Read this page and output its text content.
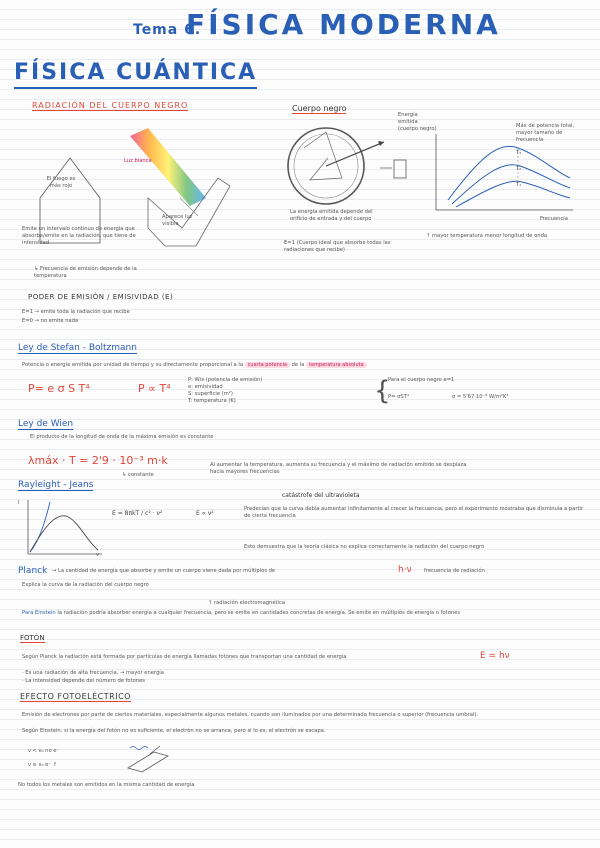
Tema 6.
FÍSICA MODERNA
FÍSICA CUÁNTICA
RADIACIÓN DEL CUERPO NEGRO
El fuego es más rojo
Luz blanca
Aparece luz visible
Emite un intervalo continuo de energía que absorbe/emite en la radiación, que tiene de intensidad
↳ Frecuencia de emisión depende de la temperatura
Cuerpo negro
La energía emitida depende del orificio de entrada y del cuerpo
E=1 (Cuerpo ideal que absorbe todas las radiaciones que recibe)
Energía emitida (cuerpo negro)	Máx de potencia total, mayor tamaño de frecuencia
T₃
T₂
T₁
Frecuencia
↑ mayor temperatura menor longitud de onda
PODER DE EMISIÓN / EMISIVIDAD (E)
E=1 → emite toda la radiación que recibe
E=0 → no emite nada
Ley de Stefan - Boltzmann
Potencia o energía emitida por unidad de tiempo y su directamente proporcional a la cuarta potencia de la temperatura absoluta
P= e σ S T⁴	P ∝ T⁴
P: W/s (potencia de emisión)
e: emisividad
S: superficie (m²)
T: temperatura (K)	{
Para el cuerpo negro e=1
P= σST⁴	σ = 5'67·10⁻⁸ W/m²K⁴
Ley de Wien
El producto de la longitud de onda de la máxima emisión es constante
λmáx · T = 2'9 · 10⁻³ m·k
↳ constante
Al aumentar la temperatura, aumenta su frecuencia y el máximo de radiación emitido se desplaza hacia mayores frecuencias
Rayleight - Jeans
I
ν
E = 8πkT / c² · ν²	E ∝ ν²
catástrofe del ultravioleta
Predecían que la curva debía aumentar infinitamente al crecer la frecuencia, pero el experimento mostraba que disminuía a partir de cierta frecuencia
Esto demuestra que la teoría clásica no explica correctamente la radiación del cuerpo negro
Planck → La cantidad de energía que absorbe y emite un cuerpo viene dada por múltiplos de	h·ν frecuencia de radiación
Explica la curva de la radiación del cuerpo negro
↑ radiación electromagnética
Para Einstein la radiación podría absorber energía a cualquier frecuencia, pero se emite en cantidades concretas de energía. Se emite en múltiplos de energía o fotones
FOTÓN
Según Planck la radiación está formada por partículas de energía llamadas fotones que transportan una cantidad de energía	E = hν
· Es una radiación de alta frecuencia, → mayor energía
· La intensidad depende del número de fotones
EFECTO FOTOELÉCTRICO
Emisión de electrones por parte de ciertos materiales, especialmente algunos metales, cuando son iluminados por una determinada frecuencia o superior (frecuencia umbral).
Según Einstein, si la energía del fotón no es suficiente, el electrón no se arranca, pero si lo es, el electrón se escapa.
ν < ν₀ no e⁻
ν ≥ ν₀ e⁻ ↑
No todos los metales son emitidos en la misma cantidad de energía
